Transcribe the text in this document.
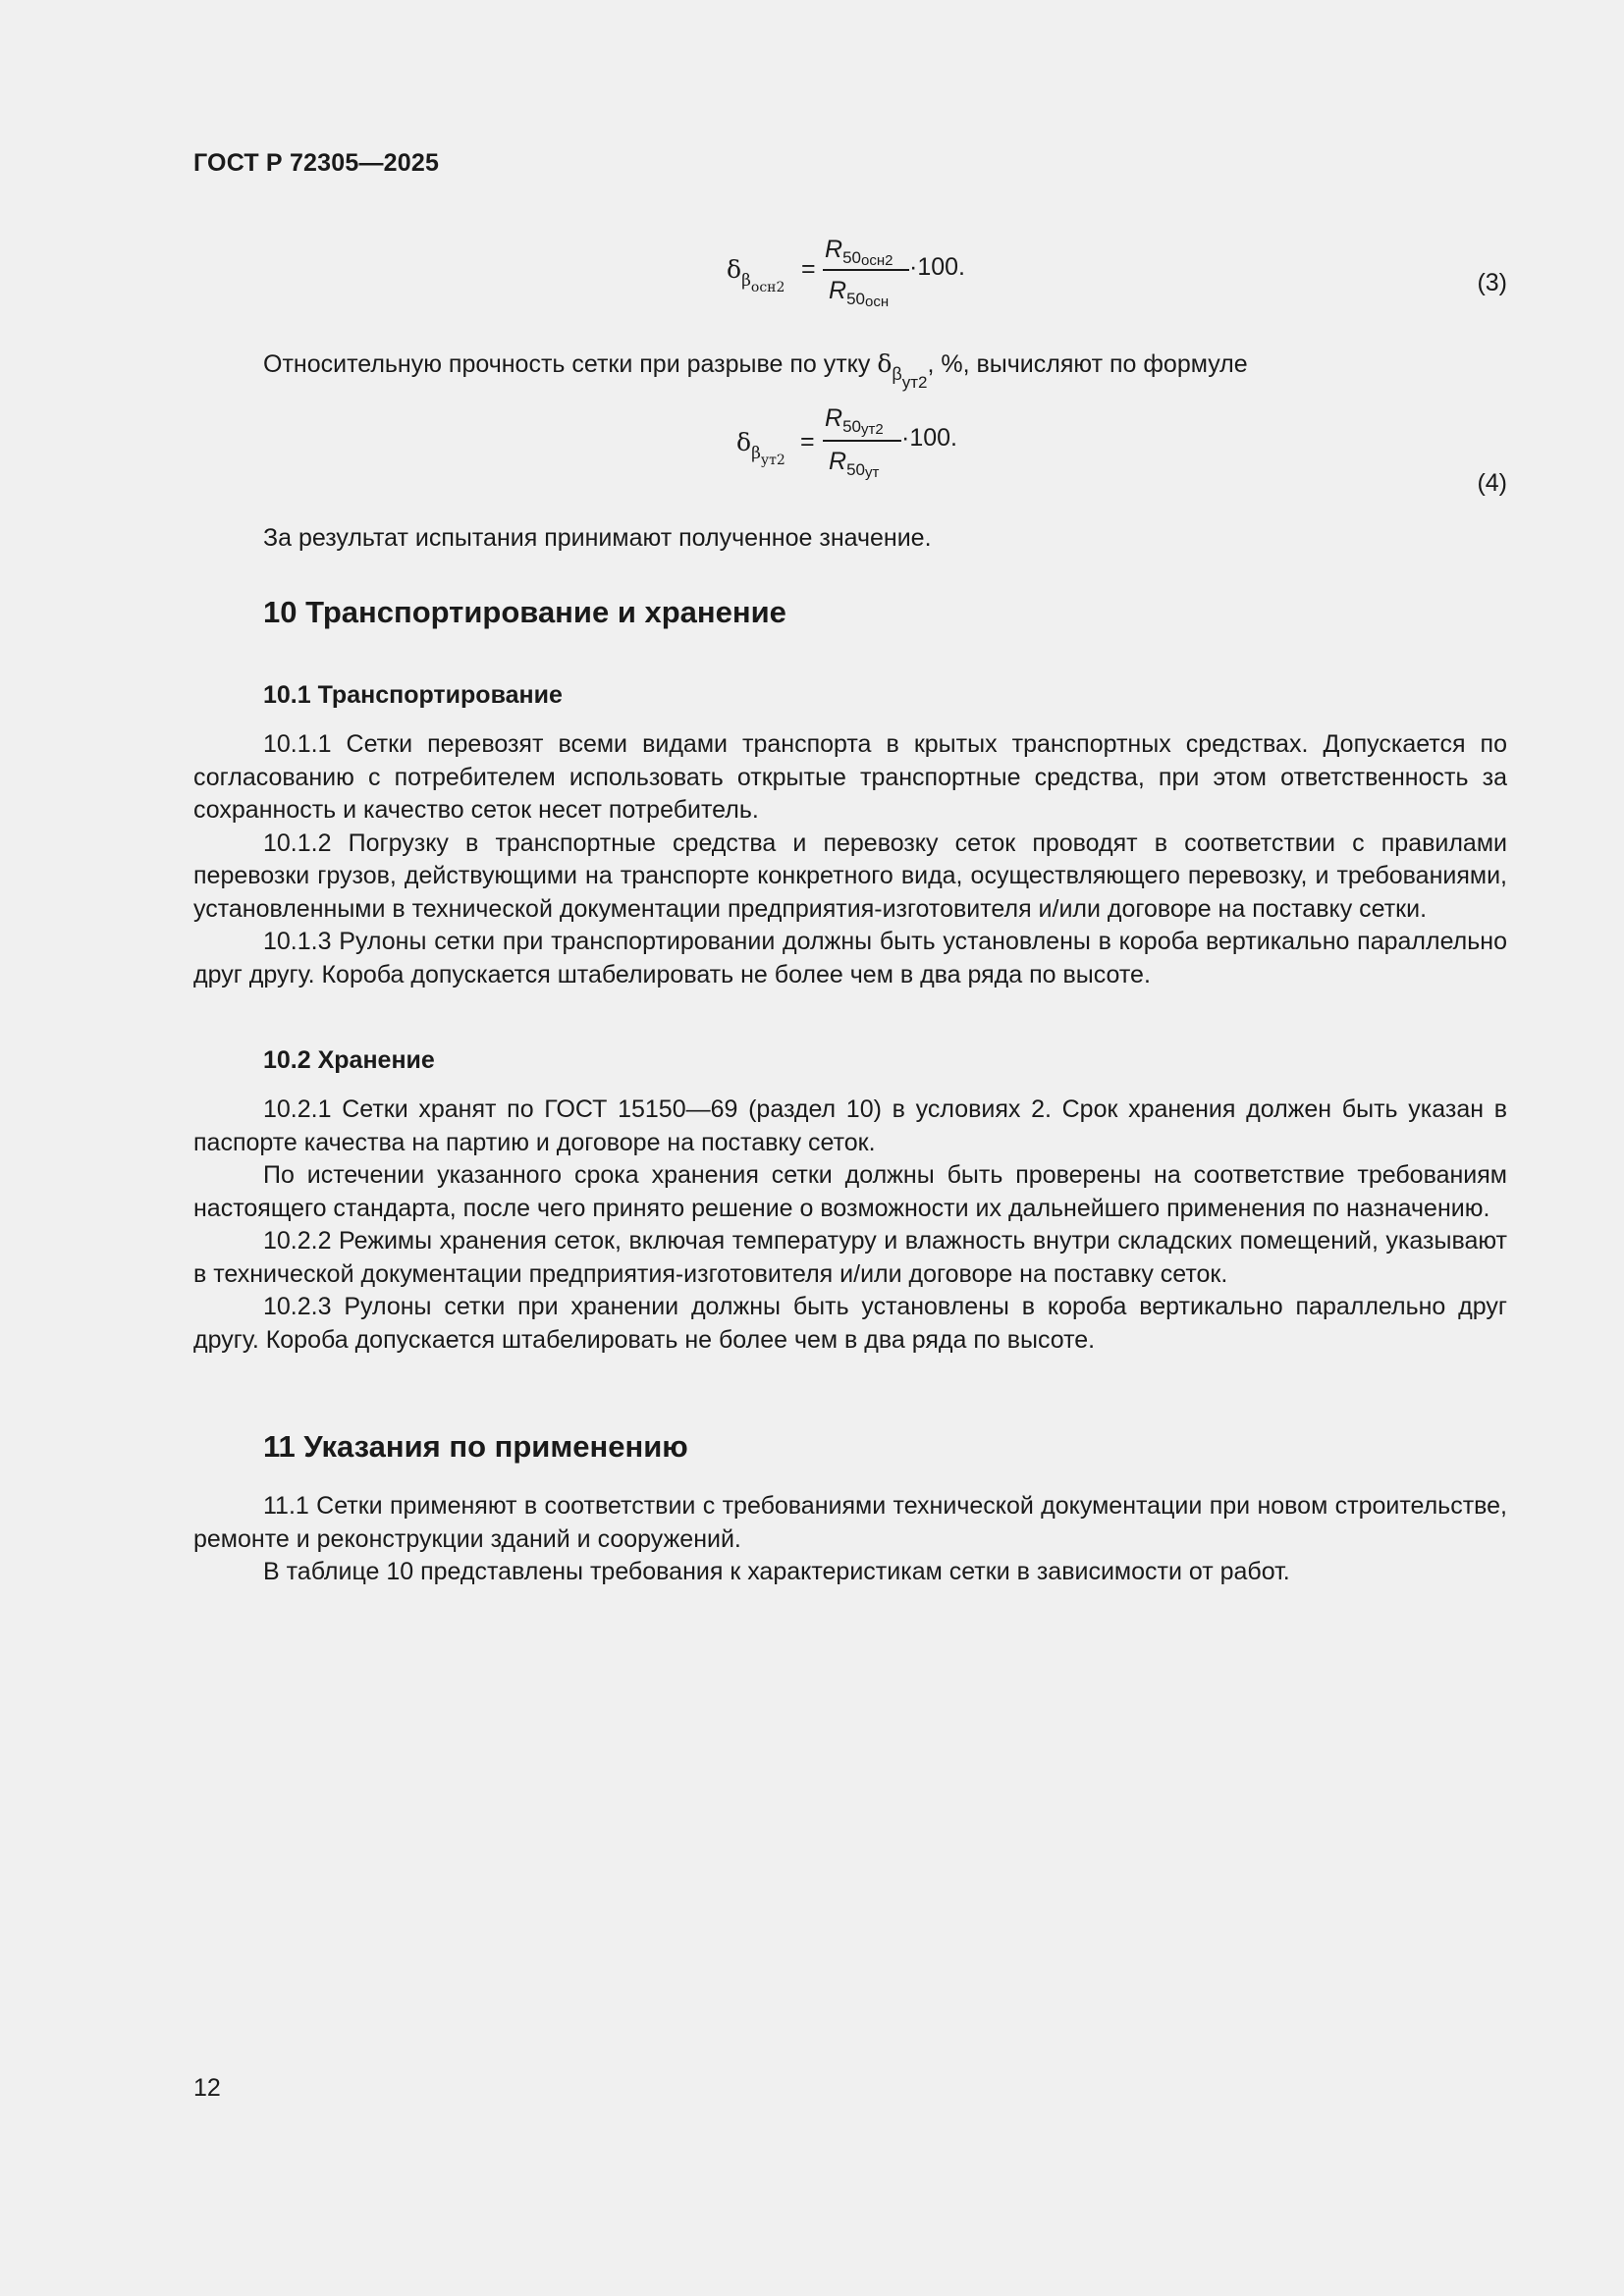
ГОСТ Р 72305—2025
$\delta_{\beta_{осн2}}$
=
$R_{50осн2}$
$R_{50осн}$
·100.
(3)

Относительную прочность сетки при разрыве по утку $\delta_{\beta ут2}$, %, вычисляют по формуле

$\delta_{\beta_{ут2}}$
=
$R_{50ут2}$
$R_{50ут}$
·100.
(4)

За результат испытания принимают полученное значение.

10 Транспортирование и хранение
10.1 Транспортирование

10.1.1 Сетки перевозят всеми видами транспорта в крытых транспортных средствах. Допускается по согласованию с потребителем использовать открытые транспортные средства, при этом ответственность за сохранность и качество сеток несет потребитель.

10.1.2 Погрузку в транспортные средства и перевозку сеток проводят в соответствии с правилами перевозки грузов, действующими на транспорте конкретного вида, осуществляющего перевозку, и требованиями, установленными в технической документации предприятия-изготовителя и/или договоре на поставку сетки.

10.1.3 Рулоны сетки при транспортировании должны быть установлены в короба вертикально параллельно друг другу. Короба допускается штабелировать не более чем в два ряда по высоте.

10.2 Хранение

10.2.1 Сетки хранят по ГОСТ 15150—69 (раздел 10) в условиях 2. Срок хранения должен быть указан в паспорте качества на партию и договоре на поставку сеток.

По истечении указанного срока хранения сетки должны быть проверены на соответствие требованиям настоящего стандарта, после чего принято решение о возможности их дальнейшего применения по назначению.

10.2.2 Режимы хранения сеток, включая температуру и влажность внутри складских помещений, указывают в технической документации предприятия-изготовителя и/или договоре на поставку сеток.

10.2.3 Рулоны сетки при хранении должны быть установлены в короба вертикально параллельно друг другу. Короба допускается штабелировать не более чем в два ряда по высоте.

11 Указания по применению

11.1 Сетки применяют в соответствии с требованиями технической документации при новом строительстве, ремонте и реконструкции зданий и сооружений.

В таблице 10 представлены требования к характеристикам сетки в зависимости от работ.

12
